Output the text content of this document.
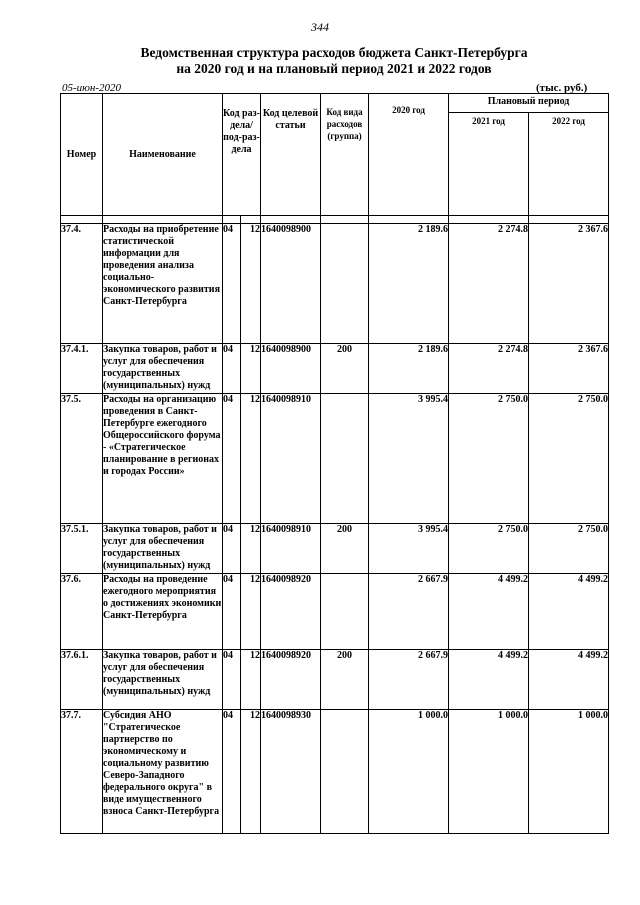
344
Ведомственная структура расходов бюджета Санкт-Петербурга
на 2020 год и на плановый период 2021 и 2022 годов
05-июн-2020	(тыс. руб.)
Номер	Наименование	Код раз-дела/ под-раз-дела		Код целевой статьи	Код вида расходов (группа)	2020 год	Плановый период	
							2021 год	2022 год

37.4.	Расходы на приобретение статистической информации для проведения анализа социально-экономического развития Санкт-Петербурга	04	12	1640098900		2 189.6	2 274.8	2 367.6
37.4.1.	Закупка товаров, работ и услуг для обеспечения государственных (муниципальных) нужд	04	12	1640098900	200	2 189.6	2 274.8	2 367.6
37.5.	Расходы на организацию проведения в Санкт-Петербурге ежегодного Общероссийского форума - «Стратегическое планирование в регионах и городах России»	04	12	1640098910		3 995.4	2 750.0	2 750.0
37.5.1.	Закупка товаров, работ и услуг для обеспечения государственных (муниципальных) нужд	04	12	1640098910	200	3 995.4	2 750.0	2 750.0
37.6.	Расходы на проведение ежегодного мероприятия о достижениях экономики Санкт-Петербурга	04	12	1640098920		2 667.9	4 499.2	4 499.2
37.6.1.	Закупка товаров, работ и услуг для обеспечения государственных (муниципальных) нужд	04	12	1640098920	200	2 667.9	4 499.2	4 499.2
37.7.	Субсидия АНО "Стратегическое партнерство по экономическому и социальному развитию Северо-Западного федерального округа" в виде имущественного взноса Санкт-Петербурга	04	12	1640098930		1 000.0	1 000.0	1 000.0
